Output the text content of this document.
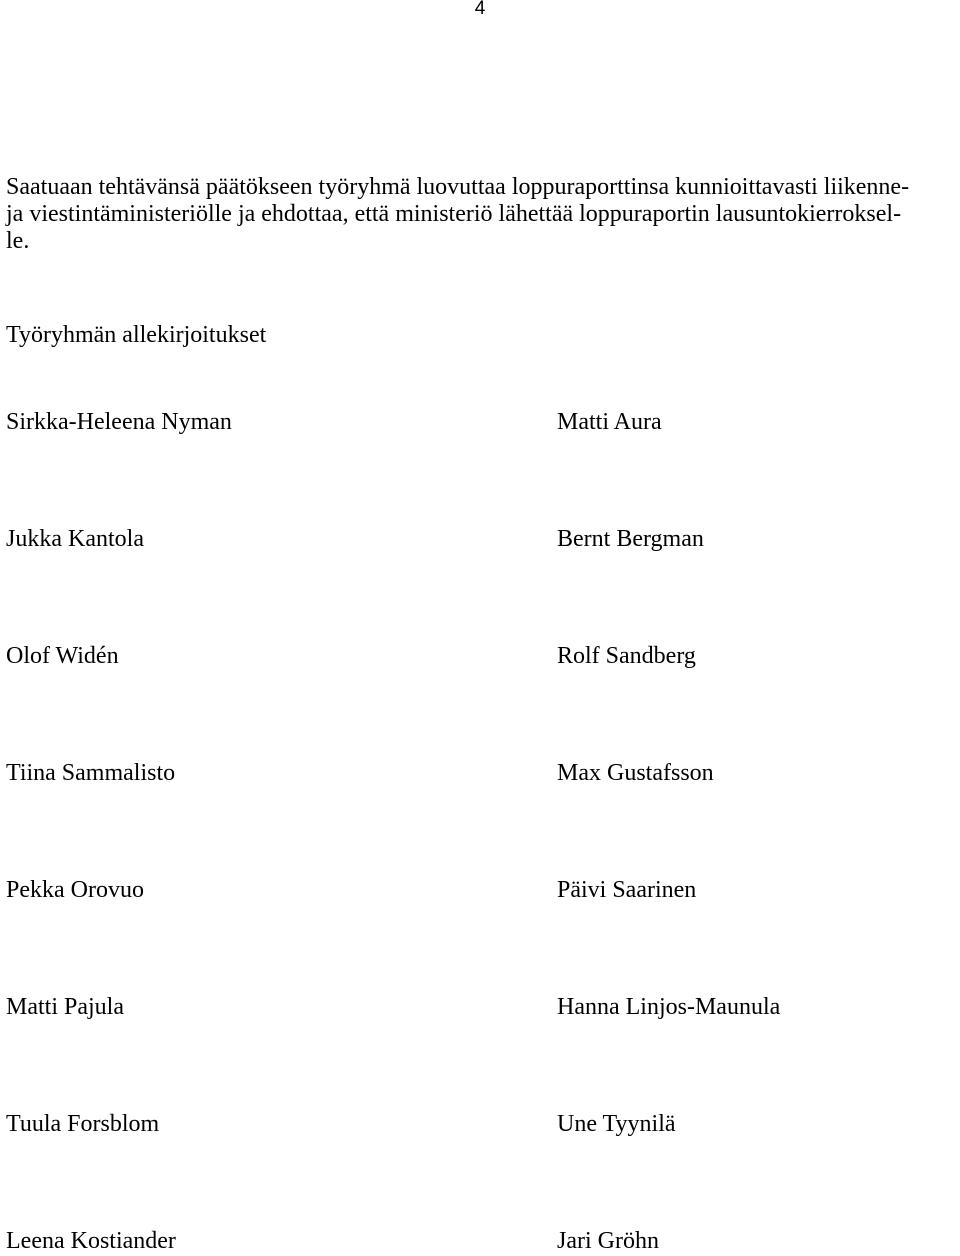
4

Saatuaan tehtävänsä päätökseen työryhmä luovuttaa loppuraporttinsa kunnioittavasti liikenne-
ja viestintäministeriölle ja ehdottaa, että ministeriö lähettää loppuraportin lausuntokierroksel-
le.

Työryhmän allekirjoitukset
Sirkka-Heleena Nyman	Matti Aura
Jukka Kantola	Bernt Bergman
Olof Widén	Rolf Sandberg
Tiina Sammalisto	Max Gustafsson
Pekka Orovuo	Päivi Saarinen
Matti Pajula	Hanna Linjos-Maunula
Tuula Forsblom	Une Tyynilä
Leena Kostiander	Jari Gröhn
